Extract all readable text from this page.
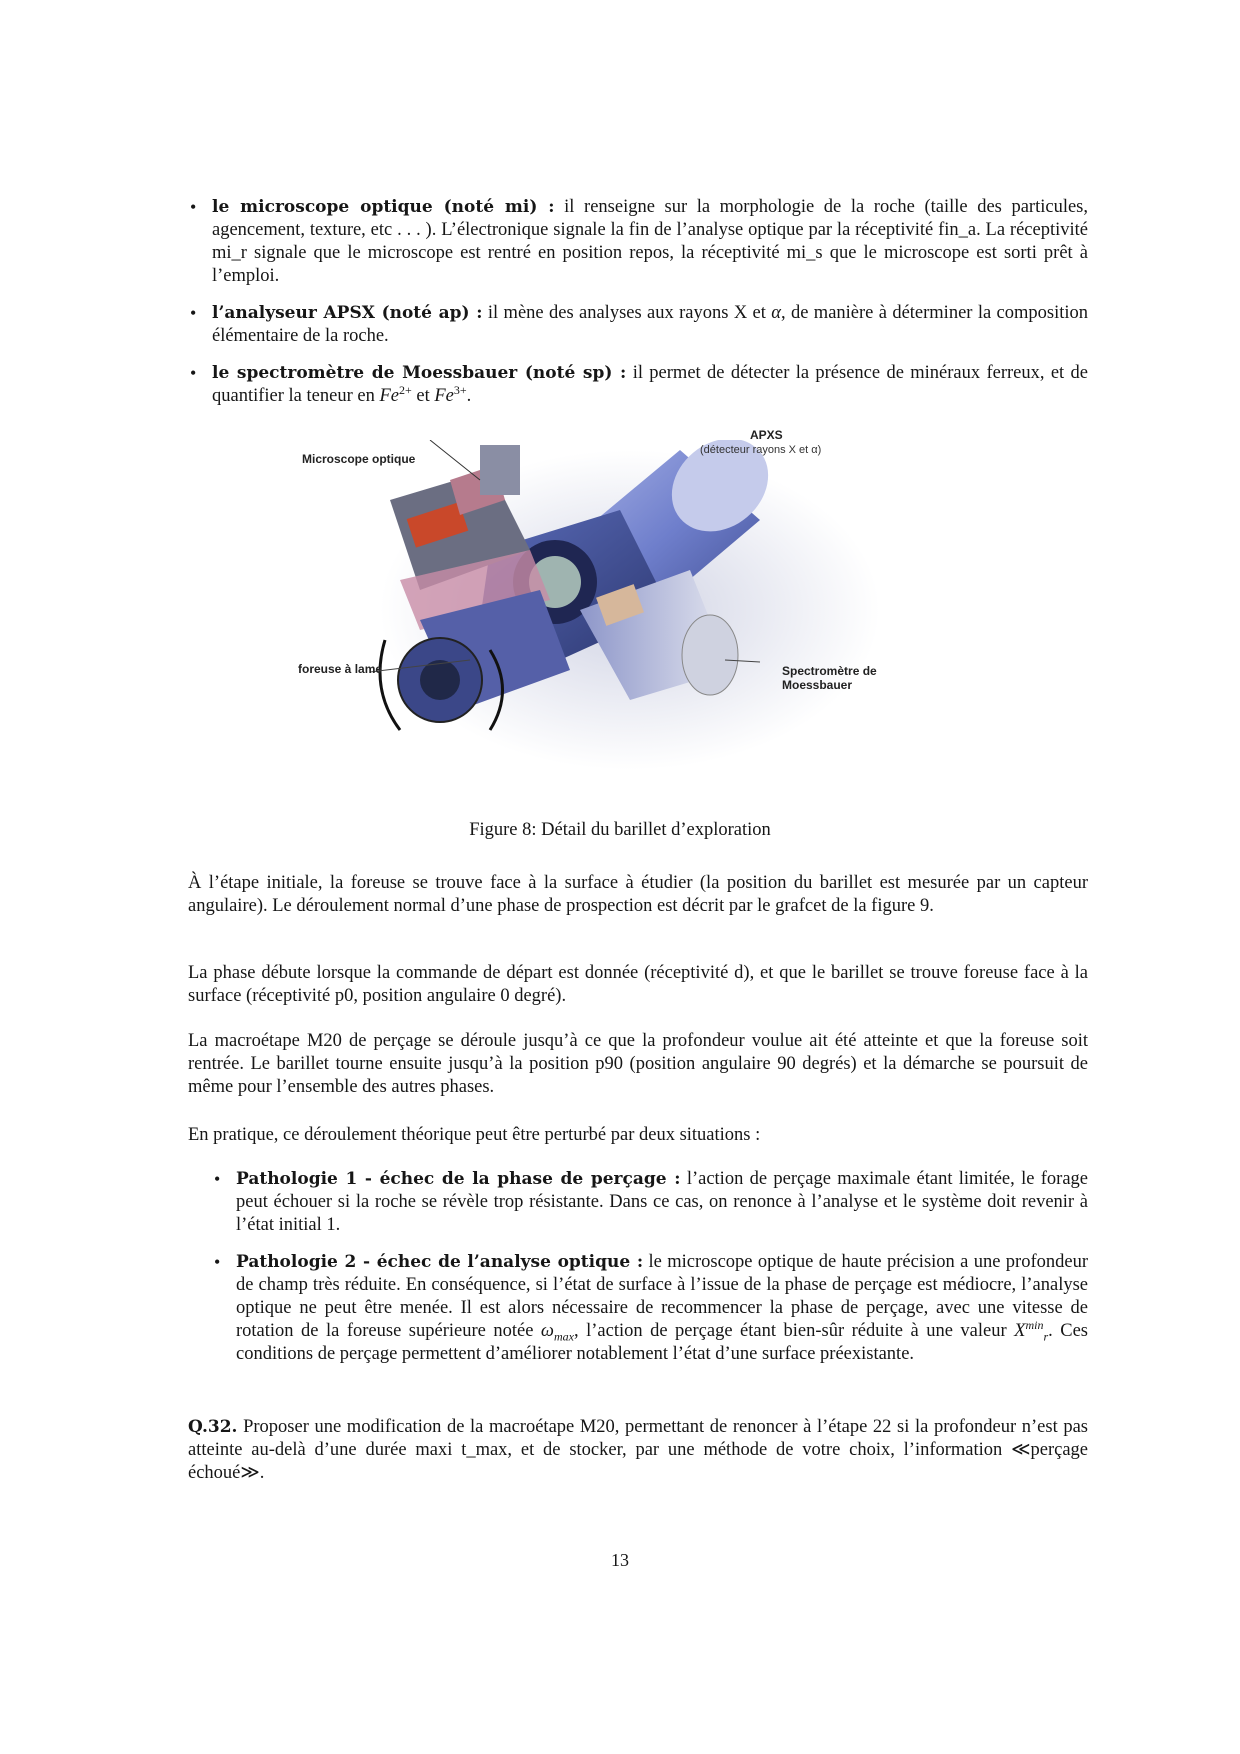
• le microscope optique (noté mi) : il renseigne sur la morphologie de la roche (taille des particules, agencement, texture, etc . . . ). L’électronique signale la fin de l’analyse optique par la réceptivité fin_a. La réceptivité mi_r signale que le microscope est rentré en position repos, la réceptivité mi_s que le microscope est sorti prêt à l’emploi.
• l’analyseur APSX (noté ap) : il mène des analyses aux rayons X et α, de manière à déterminer la composition élémentaire de la roche.
• le spectromètre de Moessbauer (noté sp) : il permet de détecter la présence de minéraux ferreux, et de quantifier la teneur en $Fe^{2+}$ et $Fe^{3+}$.
APXS
(détecteur rayons X et α)
Microscope optique
foreuse à lame	Spectromètre de Moessbauer
Figure 8: Détail du barillet d’exploration

À l’étape initiale, la foreuse se trouve face à la surface à étudier (la position du barillet est mesurée par un capteur angulaire). Le déroulement normal d’une phase de prospection est décrit par le grafcet de la figure 9.

La phase débute lorsque la commande de départ est donnée (réceptivité d), et que le barillet se trouve foreuse face à la surface (réceptivité p0, position angulaire 0 degré).

La macroétape M20 de perçage se déroule jusqu’à ce que la profondeur voulue ait été atteinte et que la foreuse soit rentrée. Le barillet tourne ensuite jusqu’à la position p90 (position angulaire 90 degrés) et la démarche se poursuit de même pour l’ensemble des autres phases.

En pratique, ce déroulement théorique peut être perturbé par deux situations :

• Pathologie 1 - échec de la phase de perçage : l’action de perçage maximale étant limitée, le forage peut échouer si la roche se révèle trop résistante. Dans ce cas, on renonce à l’analyse et le système doit revenir à l’état initial 1.
• Pathologie 2 - échec de l’analyse optique : le microscope optique de haute précision a une profondeur de champ très réduite. En conséquence, si l’état de surface à l’issue de la phase de perçage est médiocre, l’analyse optique ne peut être menée. Il est alors nécessaire de recommencer la phase de perçage, avec une vitesse de rotation de la foreuse supérieure notée $\omega_{max}$, l’action de perçage étant bien-sûr réduite à une valeur $X^{min}_r$. Ces conditions de perçage permettent d’améliorer notablement l’état d’une surface préexistante.

Q.32. Proposer une modification de la macroétape M20, permettant de renoncer à l’étape 22 si la profondeur n’est pas atteinte au-delà d’une durée maxi t_max, et de stocker, par une méthode de votre choix, l’information ≪perçage échoué≫.

13
